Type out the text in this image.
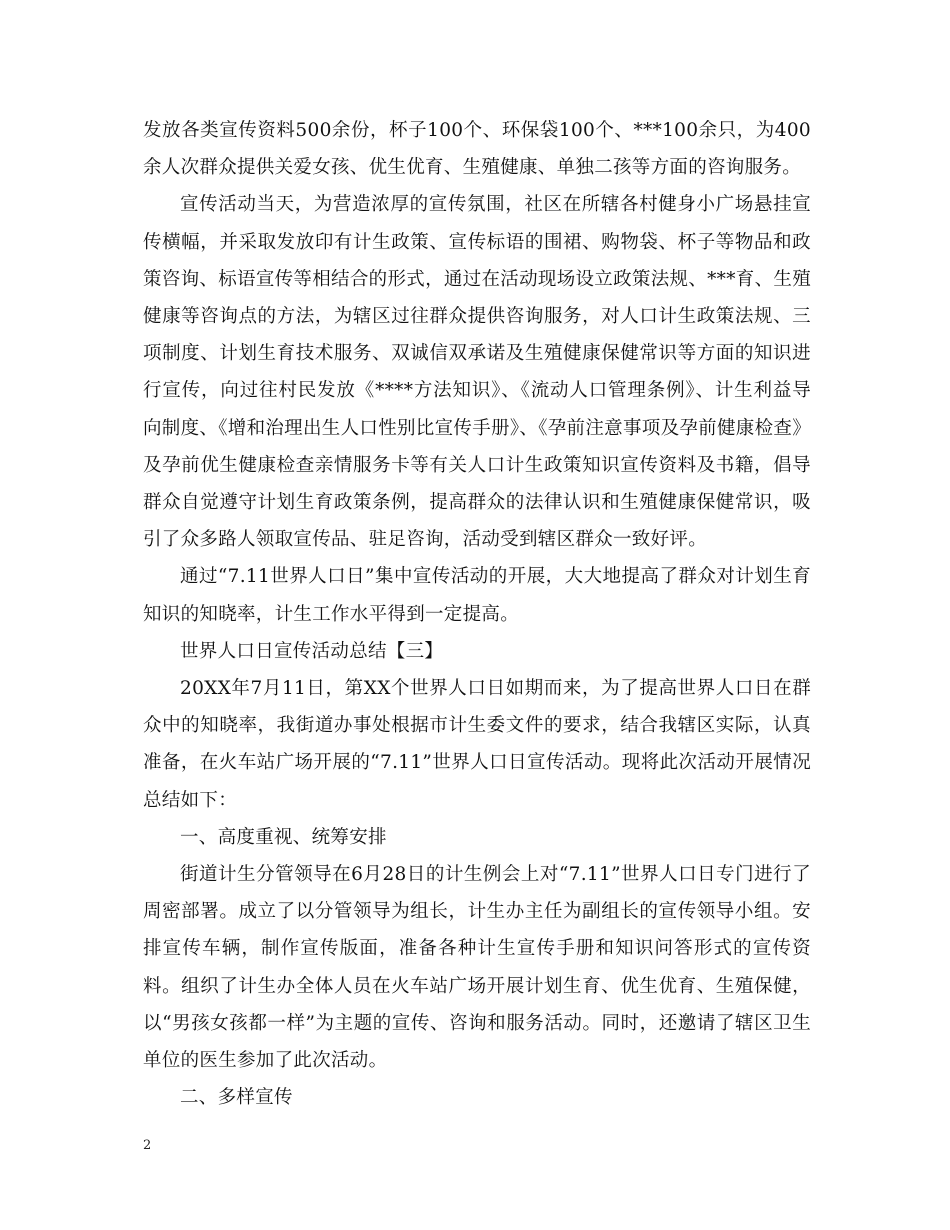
发放各类宣传资料500余份，杯子100个、环保袋100个、***100余只，为400余人次群众提供关爱女孩、优生优育、生殖健康、单独二孩等方面的咨询服务。

宣传活动当天，为营造浓厚的宣传氛围，社区在所辖各村健身小广场悬挂宣传横幅，并采取发放印有计生政策、宣传标语的围裙、购物袋、杯子等物品和政策咨询、标语宣传等相结合的形式，通过在活动现场设立政策法规、***育、生殖健康等咨询点的方法，为辖区过往群众提供咨询服务，对人口计生政策法规、三项制度、计划生育技术服务、双诚信双承诺及生殖健康保健常识等方面的知识进行宣传，向过往村民发放《****方法知识》、《流动人口管理条例》、计生利益导向制度、《增和治理出生人口性别比宣传手册》、《孕前注意事项及孕前健康检查》及孕前优生健康检查亲情服务卡等有关人口计生政策知识宣传资料及书籍，倡导群众自觉遵守计划生育政策条例，提高群众的法律认识和生殖健康保健常识，吸引了众多路人领取宣传品、驻足咨询，活动受到辖区群众一致好评。

通过“7.11世界人口日”集中宣传活动的开展，大大地提高了群众对计划生育知识的知晓率，计生工作水平得到一定提高。

世界人口日宣传活动总结【三】

20XX年7月11日，第XX个世界人口日如期而来，为了提高世界人口日在群众中的知晓率，我街道办事处根据市计生委文件的要求，结合我辖区实际，认真准备，在火车站广场开展的“7.11”世界人口日宣传活动。现将此次活动开展情况总结如下：

一、高度重视、统筹安排

街道计生分管领导在6月28日的计生例会上对“7.11”世界人口日专门进行了周密部署。成立了以分管领导为组长，计生办主任为副组长的宣传领导小组。安排宣传车辆，制作宣传版面，准备各种计生宣传手册和知识问答形式的宣传资料。组织了计生办全体人员在火车站广场开展计划生育、优生优育、生殖保健，以“男孩女孩都一样”为主题的宣传、咨询和服务活动。同时，还邀请了辖区卫生单位的医生参加了此次活动。

二、多样宣传

2
